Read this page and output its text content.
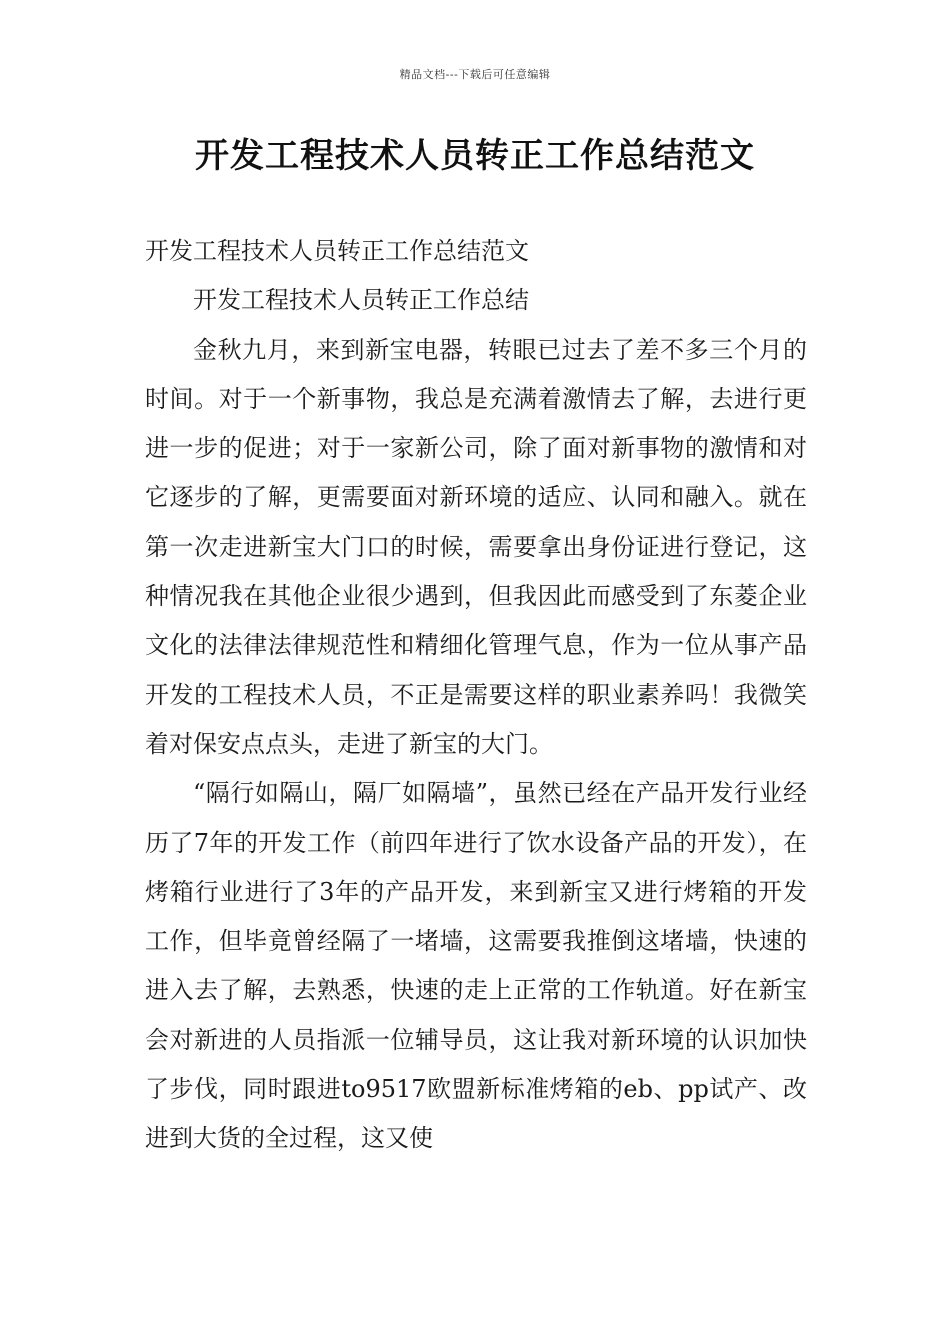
精品文档---下载后可任意编辑
开发工程技术人员转正工作总结范文

开发工程技术人员转正工作总结范文

开发工程技术人员转正工作总结

金秋九月，来到新宝电器，转眼已过去了差不多三个月的时间。对于一个新事物，我总是充满着激情去了解，去进行更进一步的促进；对于一家新公司，除了面对新事物的激情和对它逐步的了解，更需要面对新环境的适应、认同和融入。就在第一次走进新宝大门口的时候，需要拿出身份证进行登记，这种情况我在其他企业很少遇到，但我因此而感受到了东菱企业文化的法律法律规范性和精细化管理气息，作为一位从事产品开发的工程技术人员，不正是需要这样的职业素养吗！我微笑着对保安点点头，走进了新宝的大门。

“隔行如隔山，隔厂如隔墙”，虽然已经在产品开发行业经历了7年的开发工作（前四年进行了饮水设备产品的开发），在烤箱行业进行了3年的产品开发，来到新宝又进行烤箱的开发工作，但毕竟曾经隔了一堵墙，这需要我推倒这堵墙，快速的进入去了解，去熟悉，快速的走上正常的工作轨道。好在新宝会对新进的人员指派一位辅导员，这让我对新环境的认识加快了步伐，同时跟进to9517欧盟新标准烤箱的eb、pp试产、改进到大货的全过程，这又使
